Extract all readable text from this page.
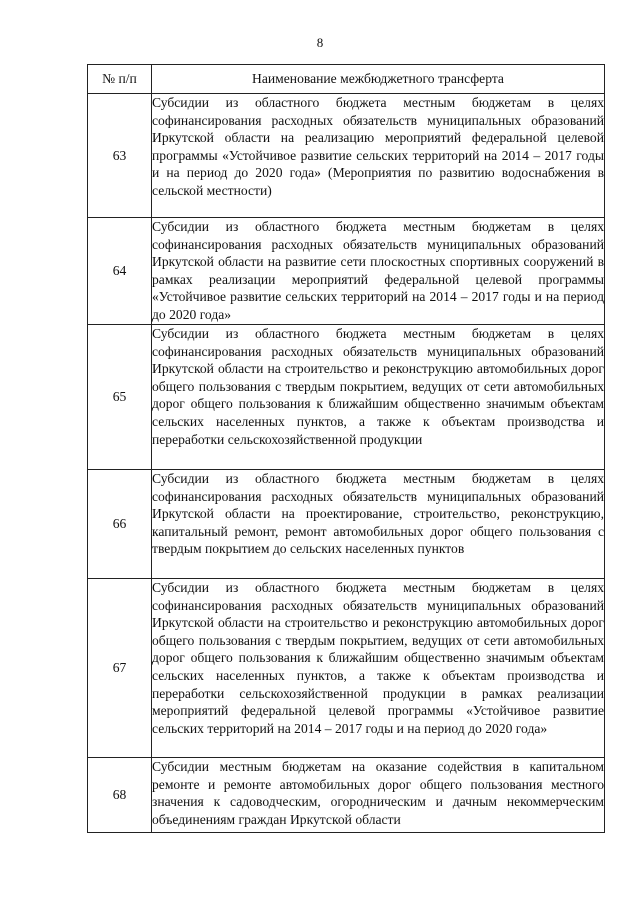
8
№ п/п	Наименование межбюджетного трансферта
63	Субсидии из областного бюджета местным бюджетам в целях софинансирования расходных обязательств муниципальных образований Иркутской области на реализацию мероприятий федеральной целевой программы «Устойчивое развитие сельских территорий на 2014 – 2017 годы и на период до 2020 года» (Мероприятия по развитию водоснабжения в сельской местности)
64	Субсидии из областного бюджета местным бюджетам в целях софинансирования расходных обязательств муниципальных образований Иркутской области на развитие сети плоскостных спортивных сооружений в рамках реализации мероприятий федеральной целевой программы «Устойчивое развитие сельских территорий на 2014 – 2017 годы и на период до 2020 года»
65	Субсидии из областного бюджета местным бюджетам в целях софинансирования расходных обязательств муниципальных образований Иркутской области на строительство и реконструкцию автомобильных дорог общего пользования с твердым покрытием, ведущих от сети автомобильных дорог общего пользования к ближайшим общественно значимым объектам сельских населенных пунктов, а также к объектам производства и переработки сельскохозяйственной продукции
66	Субсидии из областного бюджета местным бюджетам в целях софинансирования расходных обязательств муниципальных образований Иркутской области на проектирование, строительство, реконструкцию, капитальный ремонт, ремонт автомобильных дорог общего пользования с твердым покрытием до сельских населенных пунктов
67	Субсидии из областного бюджета местным бюджетам в целях софинансирования расходных обязательств муниципальных образований Иркутской области на строительство и реконструкцию автомобильных дорог общего пользования с твердым покрытием, ведущих от сети автомобильных дорог общего пользования к ближайшим общественно значимым объектам сельских населенных пунктов, а также к объектам производства и переработки сельскохозяйственной продукции в рамках реализации мероприятий федеральной целевой программы «Устойчивое развитие сельских территорий на 2014 – 2017 годы и на период до 2020 года»
68	Субсидии местным бюджетам на оказание содействия в капитальном ремонте и ремонте автомобильных дорог общего пользования местного значения к садоводческим, огородническим и дачным некоммерческим объединениям граждан Иркутской области
